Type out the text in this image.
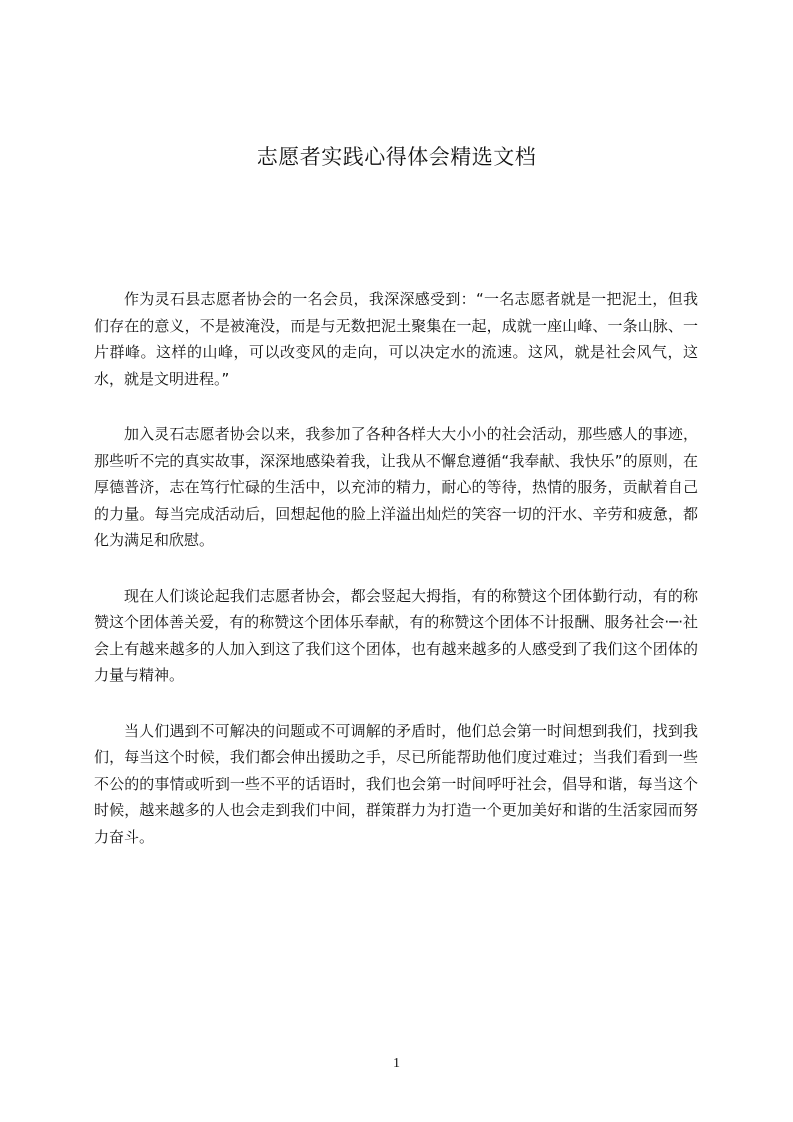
志愿者实践心得体会精选文档

作为灵石县志愿者协会的一名会员，我深深感受到：“一名志愿者就是一把泥土，但我们存在的意义，不是被淹没，而是与无数把泥土聚集在一起，成就一座山峰、一条山脉、一片群峰。这样的山峰，可以改变风的走向，可以决定水的流速。这风，就是社会风气，这水，就是文明进程。”

加入灵石志愿者协会以来，我参加了各种各样大大小小的社会活动，那些感人的事迹，那些听不完的真实故事，深深地感染着我，让我从不懈怠遵循“我奉献、我快乐”的原则，在厚德普济，志在笃行忙碌的生活中，以充沛的精力，耐心的等待，热情的服务，贡献着自己的力量。每当完成活动后，回想起他的脸上洋溢出灿烂的笑容一切的汗水、辛劳和疲惫，都化为满足和欣慰。

现在人们谈论起我们志愿者协会，都会竖起大拇指，有的称赞这个团体勤行动，有的称赞这个团体善关爱，有的称赞这个团体乐奉献，有的称赞这个团体不计报酬、服务社会·─·社会上有越来越多的人加入到这了我们这个团体，也有越来越多的人感受到了我们这个团体的力量与精神。

当人们遇到不可解决的问题或不可调解的矛盾时，他们总会第一时间想到我们，找到我们，每当这个时候，我们都会伸出援助之手，尽已所能帮助他们度过难过；当我们看到一些不公的的事情或听到一些不平的话语时，我们也会第一时间呼吁社会，倡导和谐，每当这个时候，越来越多的人也会走到我们中间，群策群力为打造一个更加美好和谐的生活家园而努力奋斗。

1
